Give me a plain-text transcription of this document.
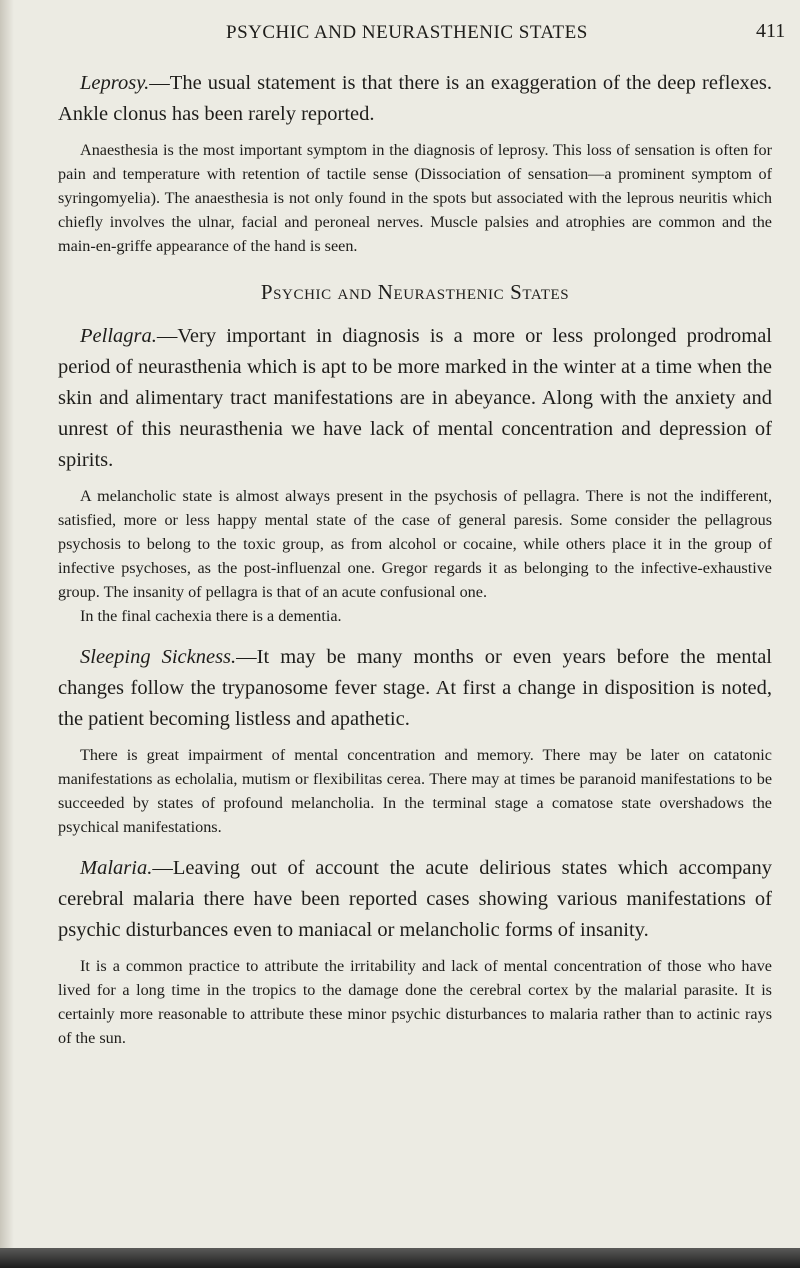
PSYCHIC AND NEURASTHENIC STATES	411

Leprosy.—The usual statement is that there is an exaggeration of the deep reflexes. Ankle clonus has been rarely reported.

Anaesthesia is the most important symptom in the diagnosis of leprosy. This loss of sensation is often for pain and temperature with retention of tactile sense (Dissociation of sensation—a prominent symptom of syringomyelia). The anaesthesia is not only found in the spots but associated with the leprous neuritis which chiefly involves the ulnar, facial and peroneal nerves. Muscle palsies and atrophies are common and the main-en-griffe appearance of the hand is seen.

Psychic and Neurasthenic States

Pellagra.—Very important in diagnosis is a more or less prolonged prodromal period of neurasthenia which is apt to be more marked in the winter at a time when the skin and alimentary tract manifestations are in abeyance. Along with the anxiety and unrest of this neurasthenia we have lack of mental concentration and depression of spirits.

A melancholic state is almost always present in the psychosis of pellagra. There is not the indifferent, satisfied, more or less happy mental state of the case of general paresis. Some consider the pellagrous psychosis to belong to the toxic group, as from alcohol or cocaine, while others place it in the group of infective psychoses, as the post-influenzal one. Gregor regards it as belonging to the infective-exhaustive group. The insanity of pellagra is that of an acute confusional one.

In the final cachexia there is a dementia.

Sleeping Sickness.—It may be many months or even years before the mental changes follow the trypanosome fever stage. At first a change in disposition is noted, the patient becoming listless and apathetic.

There is great impairment of mental concentration and memory. There may be later on catatonic manifestations as echolalia, mutism or flexibilitas cerea. There may at times be paranoid manifestations to be succeeded by states of profound melancholia. In the terminal stage a comatose state overshadows the psychical manifestations.

Malaria.—Leaving out of account the acute delirious states which accompany cerebral malaria there have been reported cases showing various manifestations of psychic disturbances even to maniacal or melancholic forms of insanity.

It is a common practice to attribute the irritability and lack of mental concentration of those who have lived for a long time in the tropics to the damage done the cerebral cortex by the malarial parasite. It is certainly more reasonable to attribute these minor psychic disturbances to malaria rather than to actinic rays of the sun.
